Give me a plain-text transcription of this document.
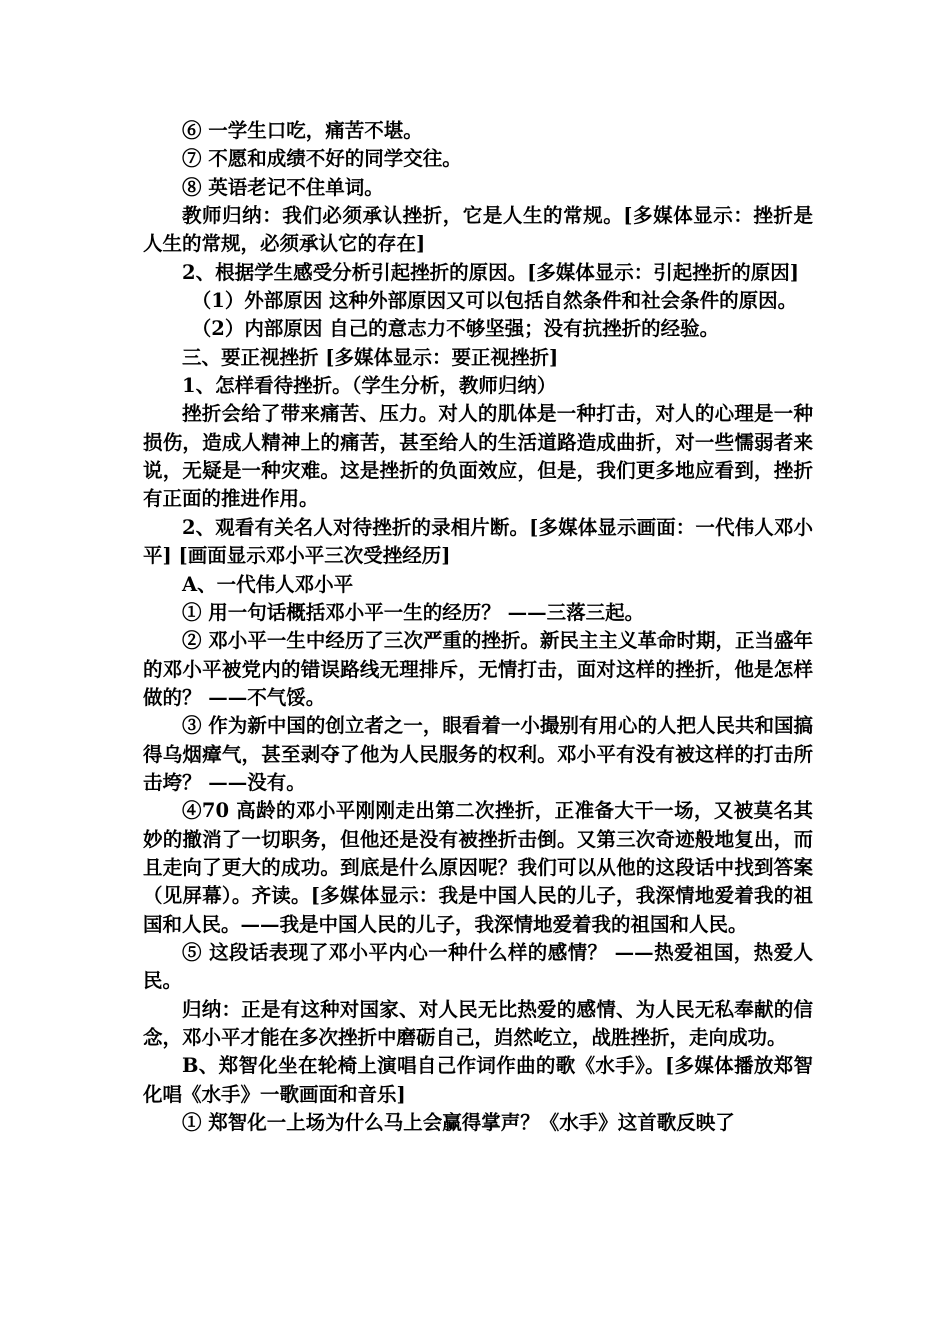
⑥ 一学生口吃，痛苦不堪。

⑦ 不愿和成绩不好的同学交往。

⑧ 英语老记不住单词。

教师归纳：我们必须承认挫折，它是人生的常规。[多媒体显示：挫折是人生的常规，必须承认它的存在]

2、根据学生感受分析引起挫折的原因。[多媒体显示：引起挫折的原因]

（1）外部原因 这种外部原因又可以包括自然条件和社会条件的原因。

（2）内部原因 自己的意志力不够坚强；没有抗挫折的经验。

三、要正视挫折 [多媒体显示：要正视挫折]

1、怎样看待挫折。（学生分析，教师归纳）

挫折会给了带来痛苦、压力。对人的肌体是一种打击，对人的心理是一种损伤，造成人精神上的痛苦，甚至给人的生活道路造成曲折，对一些懦弱者来说，无疑是一种灾难。这是挫折的负面效应，但是，我们更多地应看到，挫折有正面的推进作用。

2、观看有关名人对待挫折的录相片断。[多媒体显示画面：一代伟人邓小平] [画面显示邓小平三次受挫经历]

A、一代伟人邓小平

① 用一句话概括邓小平一生的经历？ ——三落三起。

② 邓小平一生中经历了三次严重的挫折。新民主主义革命时期，正当盛年的邓小平被党内的错误路线无理排斥，无情打击，面对这样的挫折，他是怎样做的？ ——不气馁。

③ 作为新中国的创立者之一，眼看着一小撮别有用心的人把人民共和国搞得乌烟瘴气，甚至剥夺了他为人民服务的权利。邓小平有没有被这样的打击所击垮？ ——没有。

④70 高龄的邓小平刚刚走出第二次挫折，正准备大干一场，又被莫名其妙的撤消了一切职务，但他还是没有被挫折击倒。又第三次奇迹般地复出，而且走向了更大的成功。到底是什么原因呢？我们可以从他的这段话中找到答案（见屏幕）。齐读。[多媒体显示：我是中国人民的儿子，我深情地爱着我的祖国和人民。——我是中国人民的儿子，我深情地爱着我的祖国和人民。

⑤ 这段话表现了邓小平内心一种什么样的感情？ ——热爱祖国，热爱人民。

归纳：正是有这种对国家、对人民无比热爱的感情、为人民无私奉献的信念，邓小平才能在多次挫折中磨砺自己，岿然屹立，战胜挫折，走向成功。

B、郑智化坐在轮椅上演唱自己作词作曲的歌《水手》。[多媒体播放郑智化唱《水手》一歌画面和音乐]

① 郑智化一上场为什么马上会赢得掌声？《水手》这首歌反映了
